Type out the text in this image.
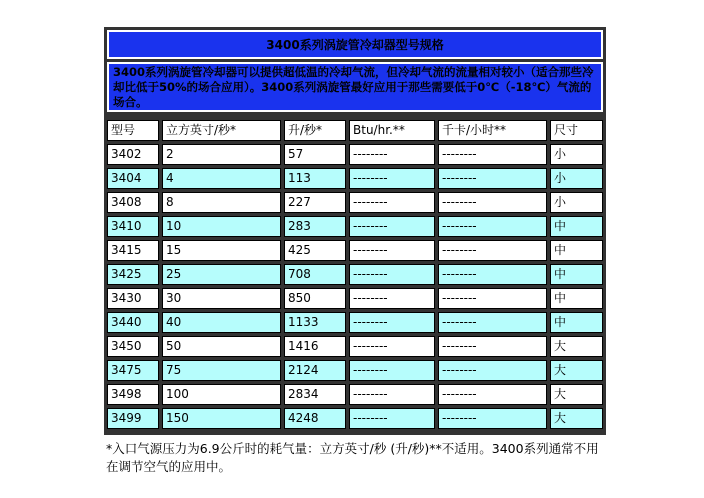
3400系列涡旋管冷却器型号规格
3400系列涡旋管冷却器可以提供超低温的冷却气流，但冷却气流的流量相对较小（适合那些冷却比低于50%的场合应用）。3400系列涡旋管最好应用于那些需要低于0℃（-18℃）气流的场合。
型号	立方英寸/秒*	升/秒*	Btu/hr.**	千卡/小时**	尺寸
3402	2	57	--------	--------	小
3404	4	113	--------	--------	小
3408	8	227	--------	--------	小
3410	10	283	--------	--------	中
3415	15	425	--------	--------	中
3425	25	708	--------	--------	中
3430	30	850	--------	--------	中
3440	40	1133	--------	--------	中
3450	50	1416	--------	--------	大
3475	75	2124	--------	--------	大
3498	100	2834	--------	--------	大
3499	150	4248	--------	--------	大
*入口气源压力为6.9公斤时的耗气量：立方英寸/秒 (升/秒)**不适用。3400系列通常不用在调节空气的应用中。
